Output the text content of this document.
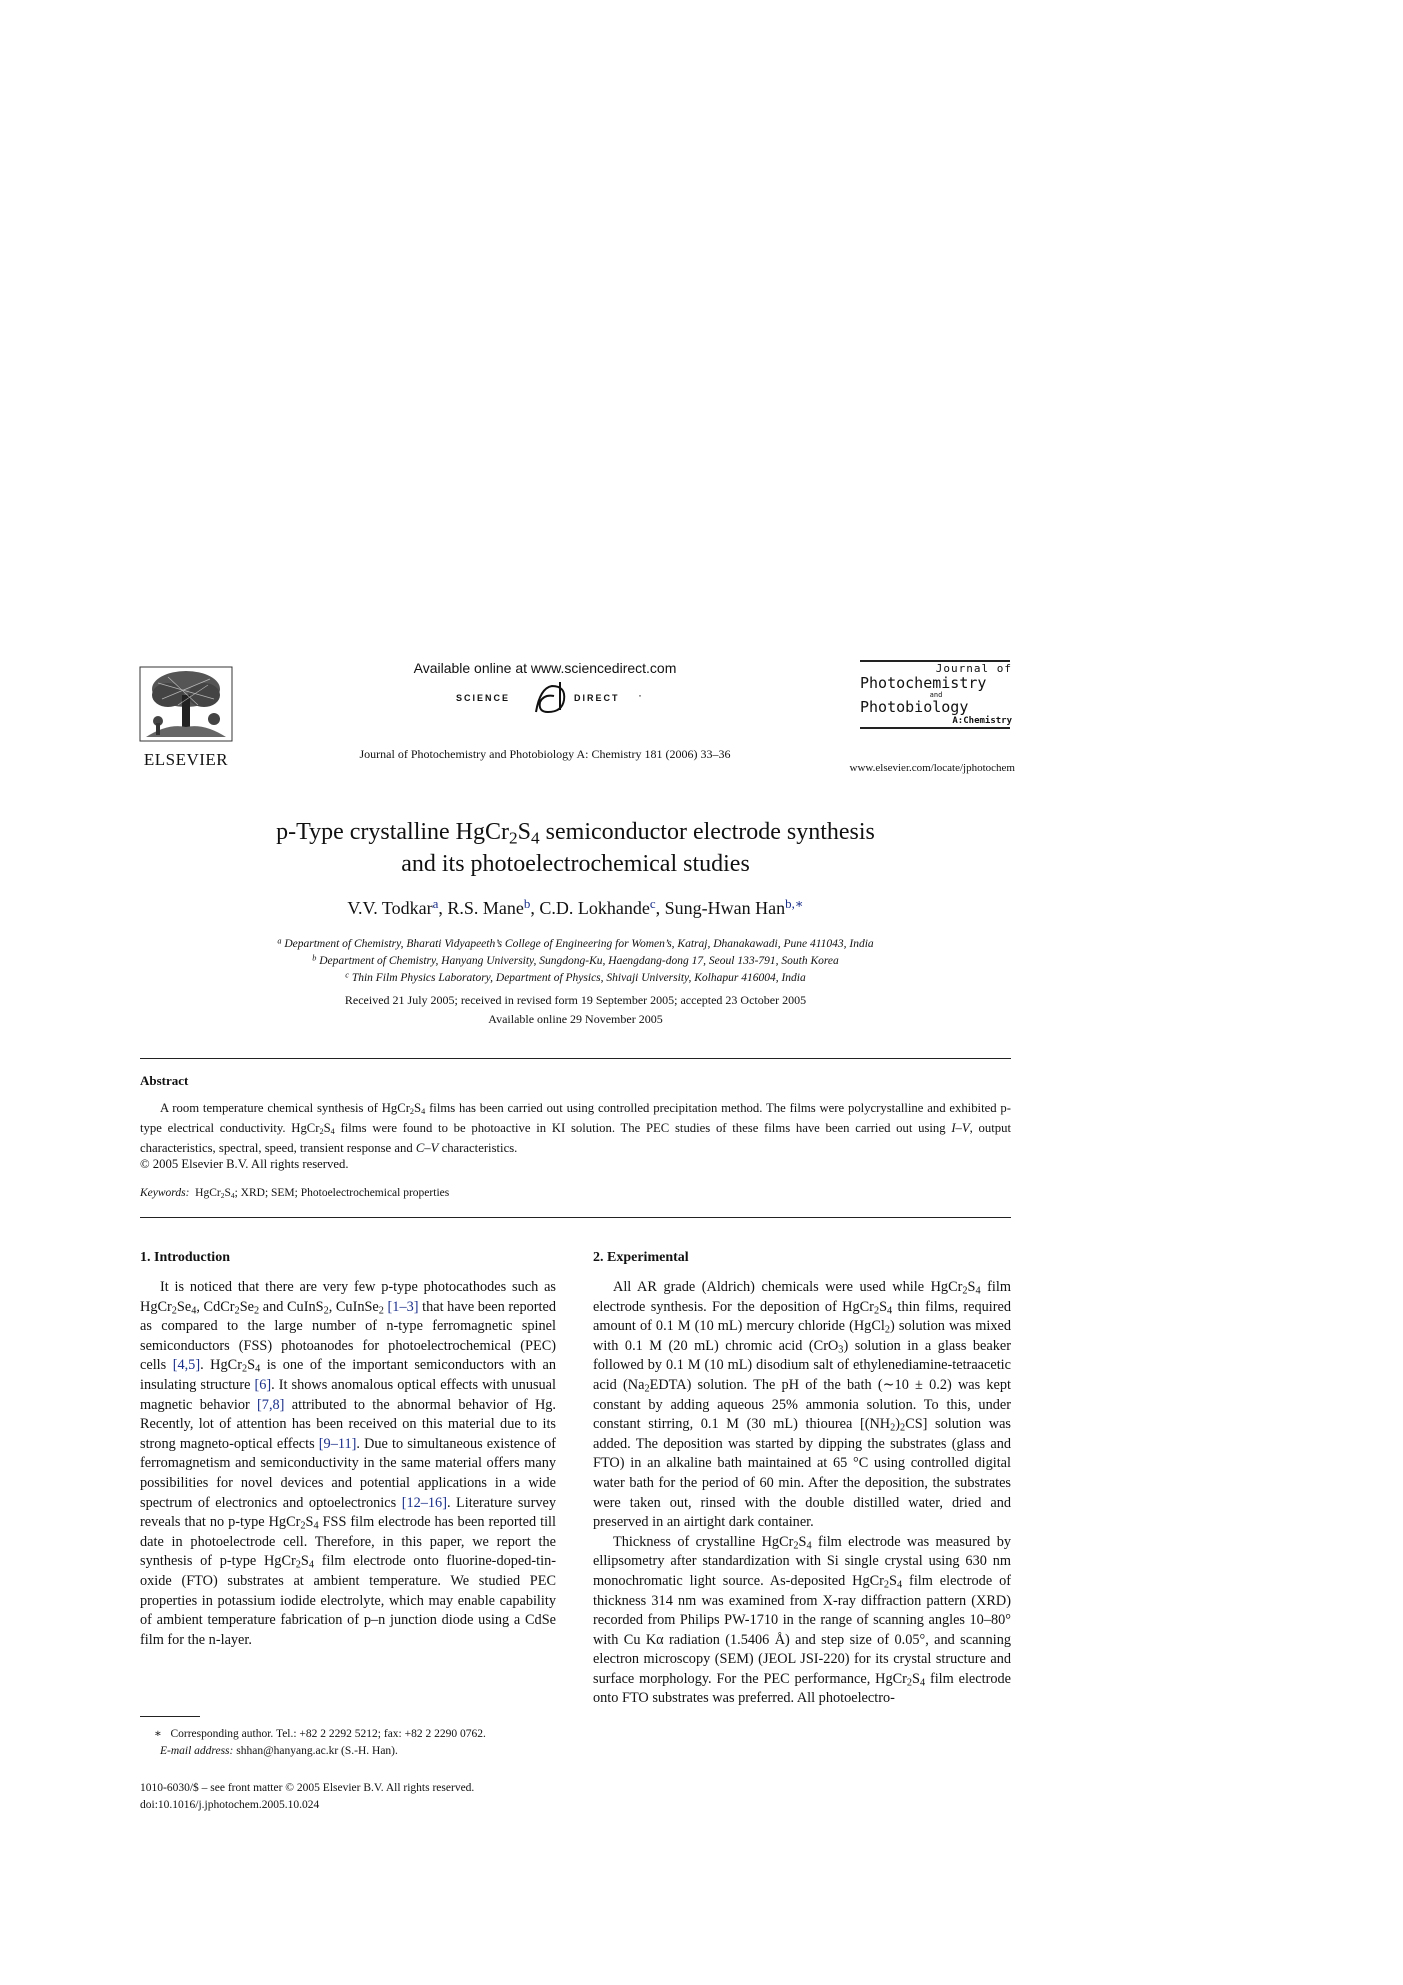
ELSEVIER
Available online at www.sciencedirect.com
SCIENCE	DIRECT ·
Journal of Photochemistry and Photobiology A: Chemistry 181 (2006) 33–36
Journal of
Photochemistry
and
Photobiology
A:Chemistry
www.elsevier.com/locate/jphotochem
p-Type crystalline $HgCr_2S_4$ semiconductor electrode synthesis
and its photoelectrochemical studies
V.V. Todkar$^a$, R.S. Mane$^b$, C.D. Lokhande$^c$, Sung-Hwan Han$^{b,∗}$
$^a$ Department of Chemistry, Bharati Vidyapeeth’s College of Engineering for Women’s, Katraj, Dhanakawadi, Pune 411043, India
$^b$ Department of Chemistry, Hanyang University, Sungdong-Ku, Haengdang-dong 17, Seoul 133-791, South Korea
$^c$ Thin Film Physics Laboratory, Department of Physics, Shivaji University, Kolhapur 416004, India
Received 21 July 2005; received in revised form 19 September 2005; accepted 23 October 2005
Available online 29 November 2005
Abstract
A room temperature chemical synthesis of $HgCr_2S_4$ films has been carried out using controlled precipitation method. The films were polycrystalline and exhibited p-type electrical conductivity. $HgCr_2S_4$ films were found to be photoactive in KI solution. The PEC studies of these films have been carried out using I–V, output characteristics, spectral, speed, transient response and C–V characteristics.
© 2005 Elsevier B.V. All rights reserved.
Keywords: $HgCr_2S_4$; XRD; SEM; Photoelectrochemical properties
1. Introduction
It is noticed that there are very few p-type photocathodes such as $HgCr_2Se_4$, $CdCr_2Se_2$ and CuInS$_2$, CuInSe$_2$ [1–3] that have been reported as compared to the large number of n-type ferromagnetic spinel semiconductors (FSS) photoanodes for photoelectrochemical (PEC) cells [4,5]. $HgCr_2S_4$ is one of the important semiconductors with an insulating structure [6]. It shows anomalous optical effects with unusual magnetic behavior [7,8] attributed to the abnormal behavior of Hg. Recently, lot of attention has been received on this material due to its strong magneto-optical effects [9–11]. Due to simultaneous existence of ferromagnetism and semiconductivity in the same material offers many possibilities for novel devices and potential applications in a wide spectrum of electronics and optoelectronics [12–16]. Literature survey reveals that no p-type $HgCr_2S_4$ FSS film electrode has been reported till date in photoelectrode cell. Therefore, in this paper, we report the synthesis of p-type $HgCr_2S_4$ film electrode onto fluorine-doped-tin-oxide (FTO) substrates at ambient temperature. We studied PEC properties in potassium iodide electrolyte, which may enable capability of ambient temperature fabrication of p–n junction diode using a CdSe film for the n-layer.
∗ Corresponding author. Tel.: +82 2 2292 5212; fax: +82 2 2290 0762.
E-mail address: shhan@hanyang.ac.kr (S.-H. Han).
1010-6030/$ – see front matter © 2005 Elsevier B.V. All rights reserved.
doi:10.1016/j.jphotochem.2005.10.024
2. Experimental

All AR grade (Aldrich) chemicals were used while $HgCr_2S_4$ film electrode synthesis. For the deposition of $HgCr_2S_4$ thin films, required amount of 0.1 M (10 mL) mercury chloride (HgCl$_2$) solution was mixed with 0.1 M (20 mL) chromic acid (CrO$_3$) solution in a glass beaker followed by 0.1 M (10 mL) disodium salt of ethylenediamine-tetraacetic acid $(Na_2EDTA)$ solution. The pH of the bath (∼10 ± 0.2) was kept constant by adding aqueous 25% ammonia solution. To this, under constant stirring, 0.1 M (30 mL) thiourea $[(NH_2)_2CS]$ solution was added. The deposition was started by dipping the substrates (glass and FTO) in an alkaline bath maintained at 65 °C using controlled digital water bath for the period of 60 min. After the deposition, the substrates were taken out, rinsed with the double distilled water, dried and preserved in an airtight dark container.

Thickness of crystalline $HgCr_2S_4$ film electrode was measured by ellipsometry after standardization with Si single crystal using 630 nm monochromatic light source. As-deposited $HgCr_2S_4$ film electrode of thickness 314 nm was examined from X-ray diffraction pattern (XRD) recorded from Philips PW-1710 in the range of scanning angles 10–80° with Cu Kα radiation (1.5406 Å) and step size of 0.05°, and scanning electron microscopy (SEM) (JEOL JSI-220) for its crystal structure and surface morphology. For the PEC performance, $HgCr_2S_4$ film electrode onto FTO substrates was preferred. All photoelectro-
